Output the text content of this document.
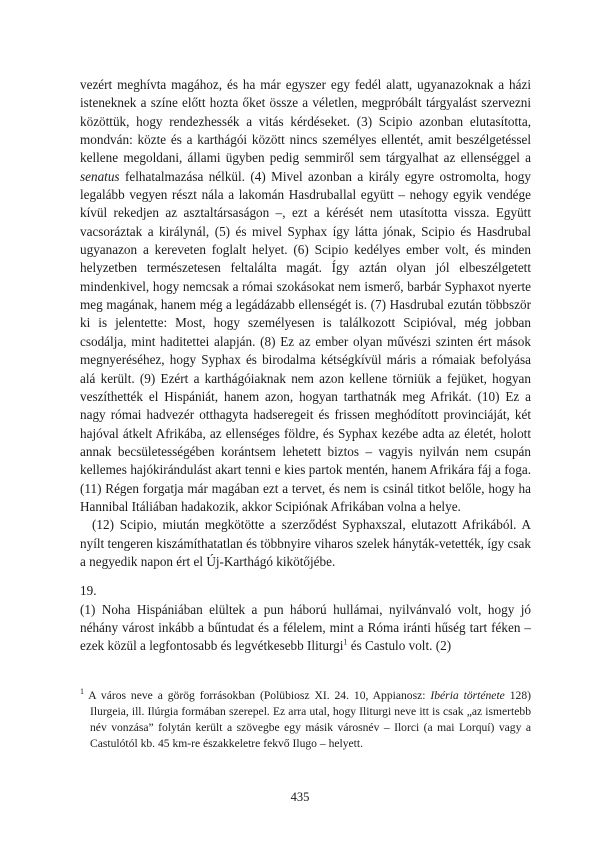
vezért meghívta magához, és ha már egyszer egy fedél alatt, ugyanazoknak a házi isteneknek a színe előtt hozta őket össze a véletlen, megpróbált tárgyalást szervezni közöttük, hogy rendezhessék a vitás kérdéseket. (3) Scipio azonban elutasította, mondván: közte és a karthágói között nincs személyes ellentét, amit beszélgetéssel kellene megoldani, állami ügyben pedig semmiről sem tárgyalhat az ellenséggel a senatus felhatalmazása nélkül. (4) Mivel azonban a király egyre ostromolta, hogy legalább vegyen részt nála a lakomán Hasdruballal együtt – nehogy egyik vendége kívül rekedjen az asztaltársaságon –, ezt a kérését nem utasította vissza. Együtt vacsoráztak a királynál, (5) és mivel Syphax így látta jónak, Scipio és Hasdrubal ugyanazon a kereveten foglalt helyet. (6) Scipio kedélyes ember volt, és minden helyzetben természetesen feltalálta magát. Így aztán olyan jól elbeszélgetett mindenkivel, hogy nemcsak a római szokásokat nem ismerő, barbár Syphaxot nyerte meg magának, hanem még a legádázabb ellenségét is. (7) Hasdrubal ezután többször ki is jelentette: Most, hogy személyesen is találkozott Scipióval, még jobban csodálja, mint haditettei alapján. (8) Ez az ember olyan művészi szinten ért mások megnyeréséhez, hogy Syphax és birodalma kétségkívül máris a rómaiak befolyása alá került. (9) Ezért a karthágóiaknak nem azon kellene törniük a fejüket, hogyan veszíthették el Hispániát, hanem azon, hogyan tarthatnák meg Afrikát. (10) Ez a nagy római hadvezér otthagyta hadseregeit és frissen meghódított provinciáját, két hajóval átkelt Afrikába, az ellenséges földre, és Syphax kezébe adta az életét, holott annak becsületességében korántsem lehetett biztos – vagyis nyilván nem csupán kellemes hajókirándulást akart tenni e kies partok mentén, hanem Afrikára fáj a foga. (11) Régen forgatja már magában ezt a tervet, és nem is csinál titkot belőle, hogy ha Hannibal Itáliában hadakozik, akkor Scipiónak Afrikában volna a helye.

(12) Scipio, miután megkötötte a szerződést Syphaxszal, elutazott Afrikából. A nyílt tengeren kiszámíthatatlan és többnyire viharos szelek hányták-vetették, így csak a negyedik napon ért el Új-Karthágó kikötőjébe.

19.

(1) Noha Hispániában elültek a pun háború hullámai, nyilvánvaló volt, hogy jó néhány várost inkább a bűntudat és a félelem, mint a Róma iránti hűség tart féken – ezek közül a legfontosabb és legvétkesebb Iliturgi$^1$ és Castulo volt. (2)

$^1$ A város neve a görög forrásokban (Polübiosz XI. 24. 10, Appianosz: Ibéria története 128) Ilurgeia, ill. Ilúrgia formában szerepel. Ez arra utal, hogy Iliturgi neve itt is csak „az ismertebb név vonzása” folytán került a szövegbe egy másik városnév – Ilorci (a mai Lorquí) vagy a Castulótól kb. 45 km-re északkeletre fekvő Ilugo – helyett.

435
